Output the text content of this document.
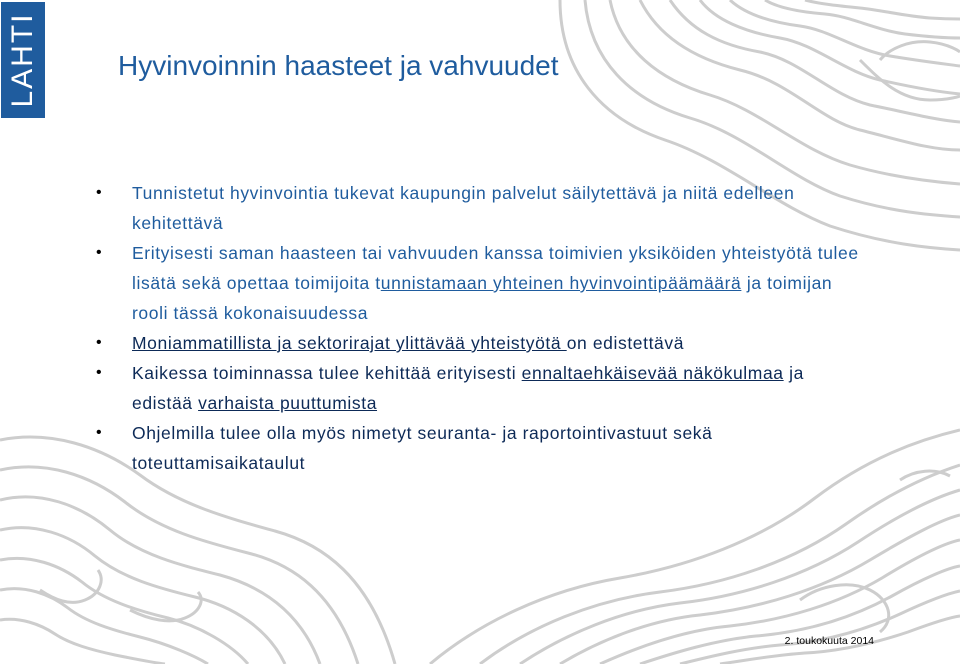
LAHTI	Hyvinvoinnin haasteet ja vahvuudet
• Tunnistetut hyvinvointia tukevat kaupungin palvelut säilytettävä ja niitä edelleen kehitettävä
• Erityisesti saman haasteen tai vahvuuden kanssa toimivien yksiköiden yhteistyötä tulee lisätä sekä opettaa toimijoita tunnistamaan yhteinen hyvinvointipäämäärä ja toimijan rooli tässä kokonaisuudessa
• Moniammatillista ja sektorirajat ylittävää yhteistyötä on edistettävä
• Kaikessa toiminnassa tulee kehittää erityisesti ennaltaehkäisevää näkökulmaa ja edistää varhaista puuttumista
• Ohjelmilla tulee olla myös nimetyt seuranta- ja raportointivastuut sekä toteuttamisaikataulut
2. toukokuuta 2014
